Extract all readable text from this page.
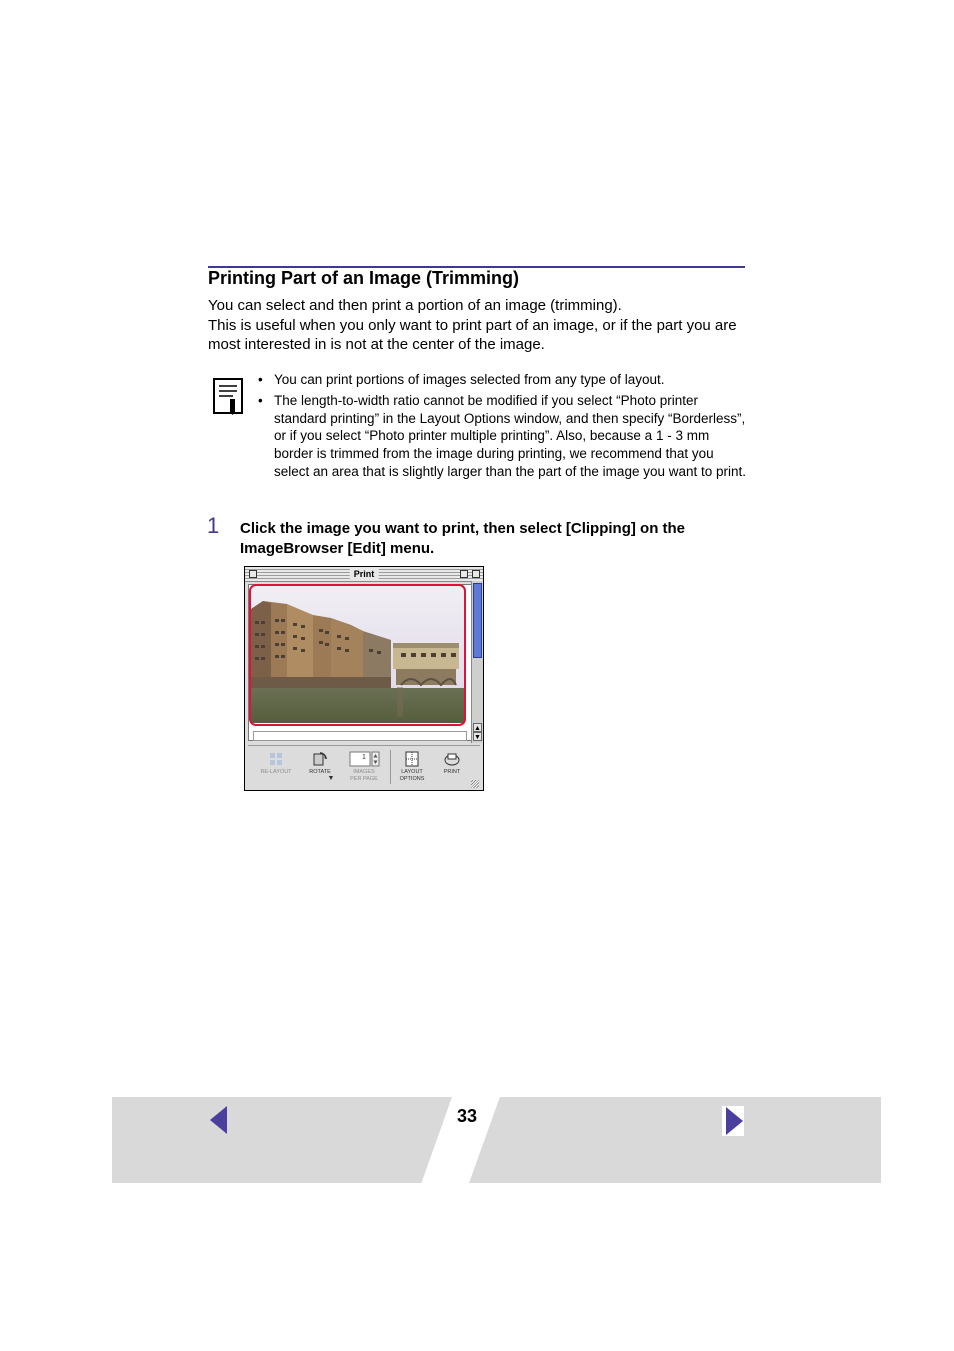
Printing Part of an Image (Trimming)

You can select and then print a portion of an image (trimming).

This is useful when you only want to print part of an image, or if the part you are most interested in is not at the center of the image.

• You can print portions of images selected from any type of layout.
• The length-to-width ratio cannot be modified if you select “Photo printer standard printing” in the Layout Options window, and then specify “Borderless”, or if you select “Photo printer multiple printing”. Also, because a 1 - 3 mm border is trimmed from the image during printing, we recommend that you select an area that is slightly larger than the part of the image you want to print.
1 Click the image you want to print, then select [Clipping] on the ImageBrowser [Edit] menu.

Print
▲
▼
RE-LAYOUT	ROTATE
▼
1
IMAGES
PER PAGE
LAYOUT
OPTIONS
PRINT
33
